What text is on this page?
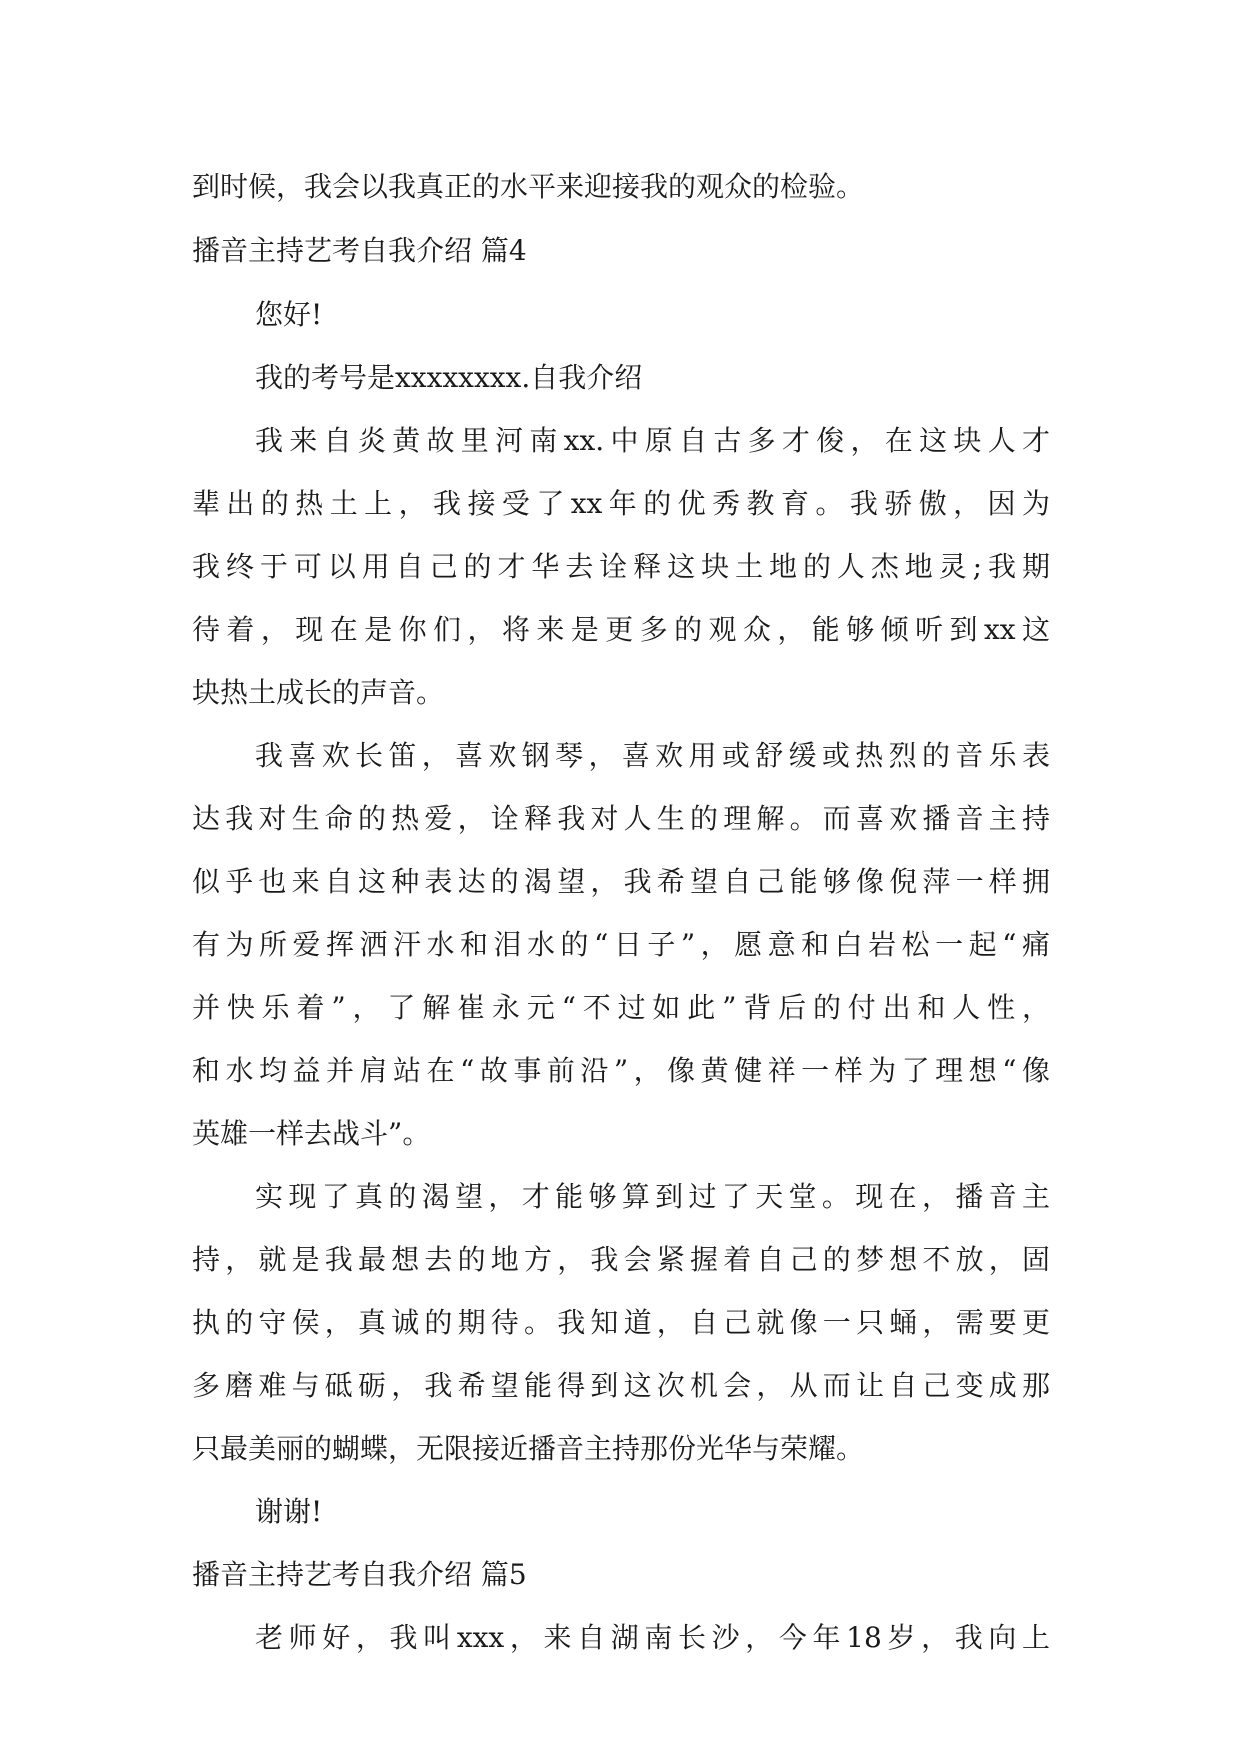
到时候，我会以我真正的水平来迎接我的观众的检验。
播音主持艺考自我介绍 篇4
您好!
我的考号是xxxxxxxx.自我介绍
我来自炎黄故里河南xx.中原自古多才俊，在这块人才
辈出的热土上，我接受了xx年的优秀教育。我骄傲，因为
我终于可以用自己的才华去诠释这块土地的人杰地灵;我期
待着，现在是你们，将来是更多的观众，能够倾听到xx这
块热土成长的声音。
我喜欢长笛，喜欢钢琴，喜欢用或舒缓或热烈的音乐表
达我对生命的热爱，诠释我对人生的理解。而喜欢播音主持
似乎也来自这种表达的渴望，我希望自己能够像倪萍一样拥
有为所爱挥洒汗水和泪水的“日子”，愿意和白岩松一起“痛
并快乐着”，了解崔永元“不过如此”背后的付出和人性，
和水均益并肩站在“故事前沿”，像黄健祥一样为了理想“像
英雄一样去战斗”。
实现了真的渴望，才能够算到过了天堂。现在，播音主
持，就是我最想去的地方，我会紧握着自己的梦想不放，固
执的守侯，真诚的期待。我知道，自己就像一只蛹，需要更
多磨难与砥砺，我希望能得到这次机会，从而让自己变成那
只最美丽的蝴蝶，无限接近播音主持那份光华与荣耀。
谢谢!
播音主持艺考自我介绍 篇5
老师好，我叫xxx，来自湖南长沙，今年18岁，我向上
